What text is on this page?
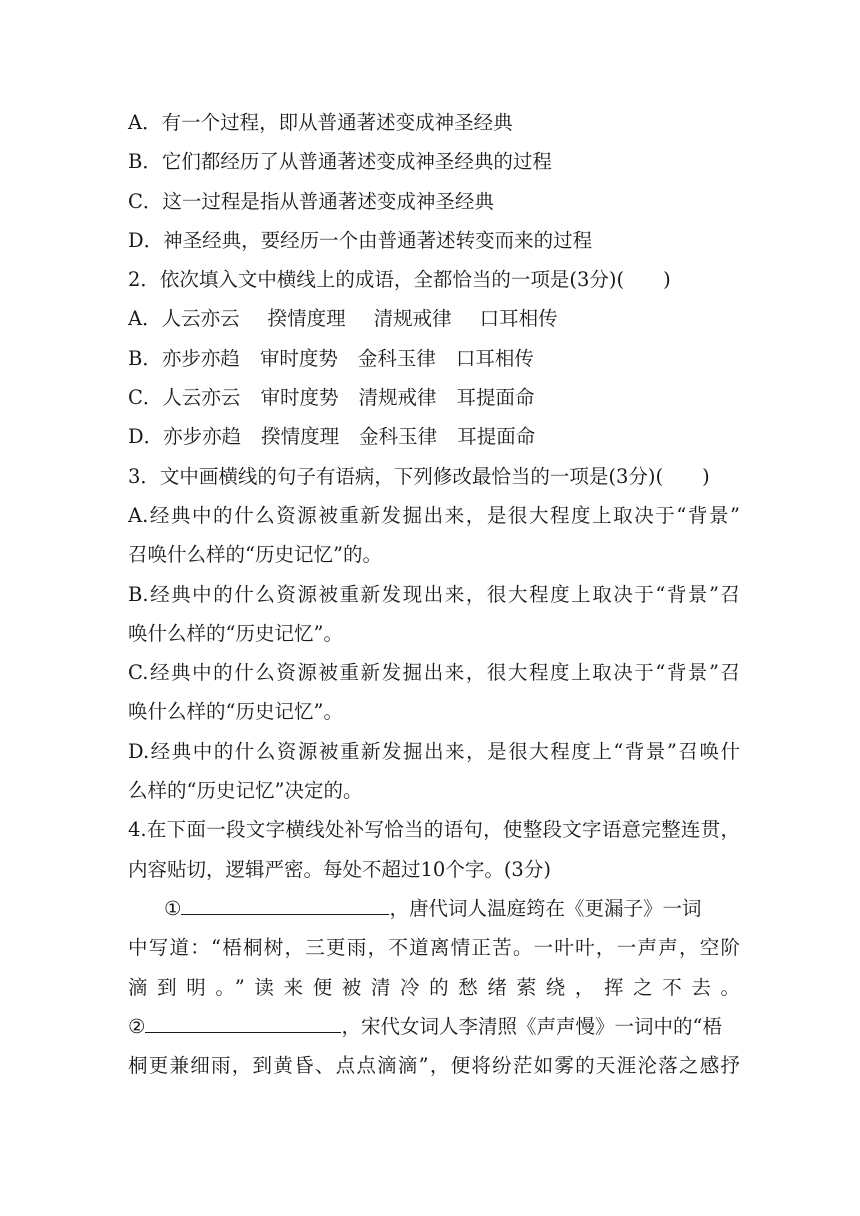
A．有一个过程，即从普通著述变成神圣经典
B．它们都经历了从普通著述变成神圣经典的过程
C．这一过程是指从普通著述变成神圣经典
D．神圣经典，要经历一个由普通著述转变而来的过程
2．依次填入文中横线上的成语，全都恰当的一项是(3分)(　　)
A．人云亦云 揆情度理 清规戒律 口耳相传
B．亦步亦趋 审时度势 金科玉律 口耳相传
C．人云亦云 审时度势 清规戒律 耳提面命
D．亦步亦趋 揆情度理 金科玉律 耳提面命
3．文中画横线的句子有语病，下列修改最恰当的一项是(3分)(　　)
A.经典中的什么资源被重新发掘出来，是很大程度上取决于“背景”
召唤什么样的“历史记忆”的。
B.经典中的什么资源被重新发现出来，很大程度上取决于“背景”召
唤什么样的“历史记忆”。
C.经典中的什么资源被重新发掘出来，很大程度上取决于“背景”召
唤什么样的“历史记忆”。
D.经典中的什么资源被重新发掘出来，是很大程度上“背景”召唤什
么样的“历史记忆”决定的。
4.在下面一段文字横线处补写恰当的语句，使整段文字语意完整连贯，
内容贴切，逻辑严密。每处不超过10个字。(3分)
①	，唐代词人温庭筠在《更漏子》一词
中写道：“梧桐树，三更雨，不道离情正苦。一叶叶，一声声，空阶
滴到明。”读来便被清冷的愁绪萦绕，挥之不去。
②	，宋代女词人李清照《声声慢》一词中的“梧
桐更兼细雨，到黄昏、点点滴滴”，便将纷茫如雾的天涯沦落之感抒
